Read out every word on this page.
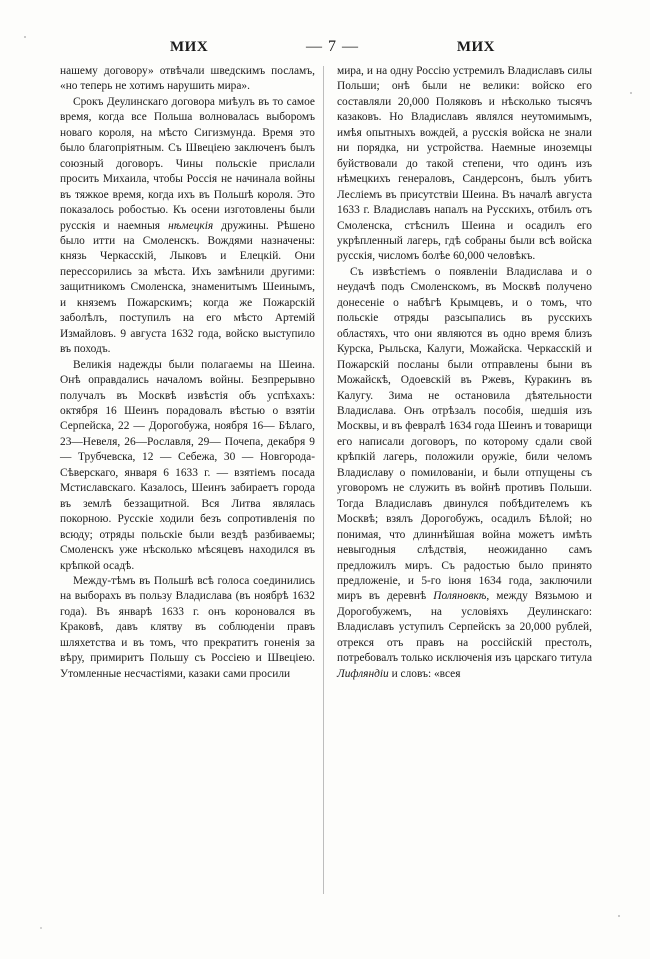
МИХ	— 7 —	МИХ

нашему договору» отвѣчали шведскимъ посламъ, «но теперь не хотимъ нарушить мира».

Срокъ Деулинскаго договора миѣулъ въ то самое время, когда все Польша волновалась выборомъ новаго короля, на мѣсто Сигизмунда. Время это было благопріятным. Съ Швеціею заключенъ былъ союзный договоръ. Чины польскіе прислали просить Михаила, чтобы Россія не начинала войны въ тяжкое время, когда ихъ въ Польшѣ короля. Это показалось робостью. Къ осени изготовлены были русскія и наемныя нѣмецкія дружины. Рѣшено было итти на Смоленскъ. Вождями назначены: князь Черкасскій, Лыковъ и Елецкій. Они перессорились за мѣста. Ихъ замѣнили другими: защитникомъ Смоленска, знаменитымъ Шеинымъ, и княземъ Пожарскимъ; когда же Пожарскій заболѣлъ, поступилъ на его мѣсто Артемій Измайловъ. 9 августа 1632 года, войско выступило въ походъ.

Великія надежды были полагаемы на Шеина. Онѣ оправдались началомъ войны. Безпрерывно получалъ въ Москвѣ извѣстія объ успѣхахъ: октября 16 Шеинъ порадовалъ вѣстью о взятіи Серпейска, 22 — Дорогобужа, ноября 16— Бѣлаго, 23—Невеля, 26—Рославля, 29— Почепа, декабря 9 — Трубчевска, 12 — Себежа, 30 — Новгорода-Сѣверскаго, января 6 1633 г. — взятіемъ посада Мстиславскаго. Казалось, Шеинъ забираетъ города въ землѣ беззащитной. Вся Литва являлась покорною. Русскіе ходили безъ сопротивленія по всюду; отряды польскіе были вездѣ разбиваемы; Смоленскъ уже нѣсколько мѣсяцевъ находился въ крѣпкой осадѣ.

Между-тѣмъ въ Польшѣ всѣ голоса соединились на выборахъ въ пользу Владислава (въ ноябрѣ 1632 года). Въ январѣ 1633 г. онъ короновался въ Краковѣ, давъ клятву въ соблюденіи правъ шляхетства и въ томъ, что прекратитъ гоненія за вѣру, примиритъ Польшу съ Россіею и Швеціею. Утомленные несчастіями, казаки сами просили

мира, и на одну Россію устремилъ Владиславъ силы Польши; онѣ были не велики: войско его составляли 20,000 Поляковъ и нѣсколько тысячъ казаковъ. Но Владиславъ являлся неутомимымъ, имѣя опытныхъ вождей, а русскія войска не знали ни порядка, ни устройства. Наемные иноземцы буйствовали до такой степени, что одинъ изъ нѣмецкихъ генераловъ, Сандерсонъ, былъ убитъ Лесліемъ въ присутствіи Шеина. Въ началѣ августа 1633 г. Владиславъ напалъ на Русскихъ, отбилъ отъ Смоленска, стѣснилъ Шеина и осадилъ его укрѣпленный лагерь, гдѣ собраны были всѣ войска русскія, числомъ болѣе 60,000 человѣкъ.

Съ извѣстіемъ о появленіи Владислава и о неудачѣ подъ Смоленскомъ, въ Москвѣ получено донесеніе о набѣгѣ Крымцевъ, и о томъ, что польскіе отряды разсыпались въ русскихъ областяхъ, что они являются въ одно время близъ Курска, Рыльска, Калуги, Можайска. Черкасскій и Пожарскій посланы были отправлены быни въ Можайскѣ, Одоевскій въ Ржевъ, Куракинъ въ Калугу. Зима не остановила дѣятельности Владислава. Онъ отрѣзалъ пособія, шедшія изъ Москвы, и въ февралѣ 1634 года Шеинъ и товарищи его написали договоръ, по которому сдали свой крѣпкій лагерь, положили оружіе, били челомъ Владиславу о помилованіи, и были отпущены съ уговоромъ не служить въ войнѣ противъ Польши. Тогда Владиславъ двинулся побѣдителемъ къ Москвѣ; взялъ Дорогобужъ, осадилъ Бѣлой; но понимая, что длиннѣйшая война можетъ имѣть невыгодныя слѣдствія, неожиданно самъ предложилъ миръ. Съ радостью было принято предложеніе, и 5-го іюня 1634 года, заключили миръ въ деревнѣ Поляновкѣ, между Вязьмою и Дорогобужемъ, на условіяхъ Деулинскаго: Владиславъ уступилъ Серпейскъ за 20,000 рублей, отрекся отъ правъ на россійскій престолъ, потребовалъ только исключенія изъ царскаго титула Лифляндіи и словъ: «всея
